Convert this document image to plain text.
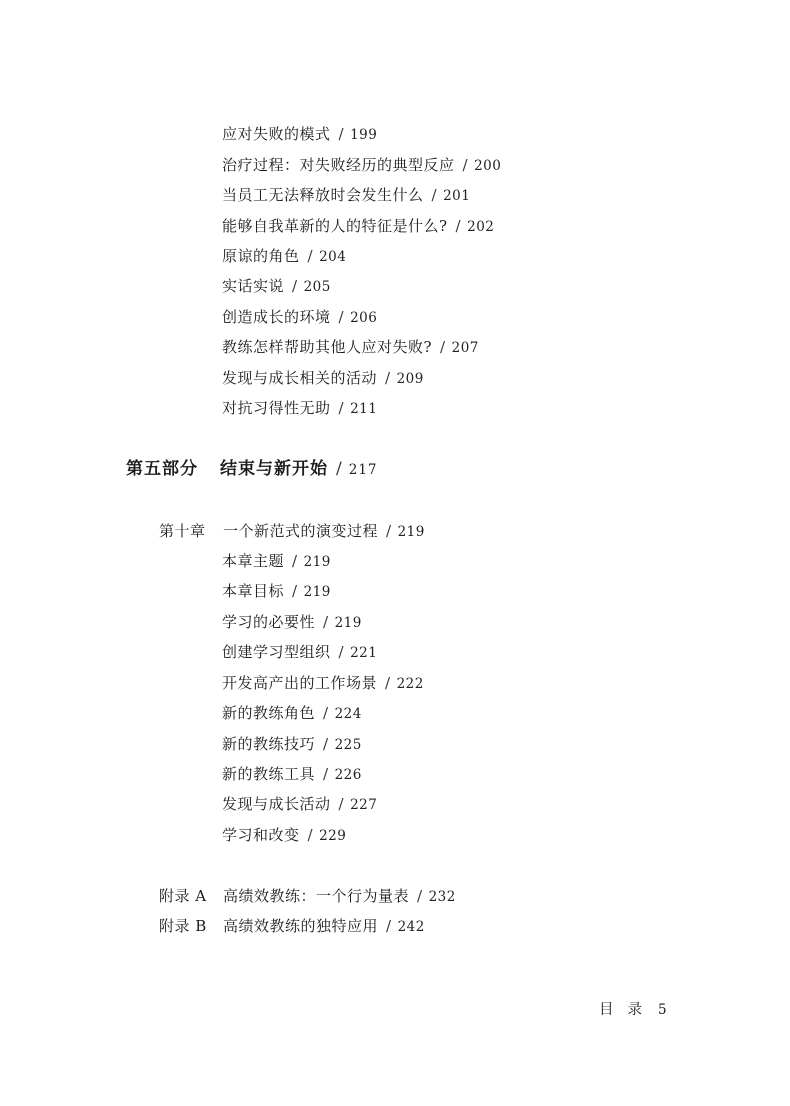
应对失败的模式 / 199
治疗过程：对失败经历的典型反应 / 200
当员工无法释放时会发生什么 / 201
能够自我革新的人的特征是什么? / 202
原谅的角色 / 204
实话实说 / 205
创造成长的环境 / 206
教练怎样帮助其他人应对失败? / 207
发现与成长相关的活动 / 209
对抗习得性无助 / 211
第五部分 结束与新开始 / 217
第十章 一个新范式的演变过程 / 219
本章主题 / 219
本章目标 / 219
学习的必要性 / 219
创建学习型组织 / 221
开发高产出的工作场景 / 222
新的教练角色 / 224
新的教练技巧 / 225
新的教练工具 / 226
发现与成长活动 / 227
学习和改变 / 229
附录 A 高绩效教练：一个行为量表 / 232
附录 B 高绩效教练的独特应用 / 242
目 录 5
